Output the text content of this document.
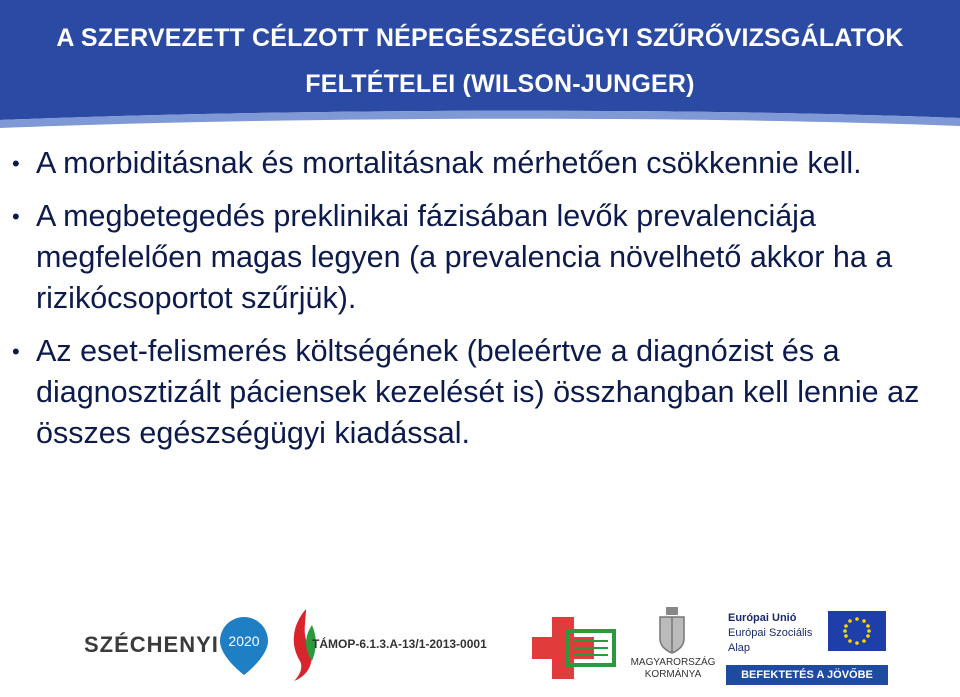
A SZERVEZETT CÉLZOTT NÉPEGÉSZSÉGÜGYI SZŰRŐVIZSGÁLATOK
FELTÉTELEI (WILSON-JUNGER)
• A morbiditásnak és mortalitásnak mérhetően csökkennie kell.
• A megbetegedés preklinikai fázisában levők prevalenciája megfelelően magas legyen (a prevalencia növelhető akkor ha a rizikócsoportot szűrjük).
• Az eset-felismerés költségének (beleértve a diagnózist és a diagnosztizált páciensek kezelését is) összhangban kell lennie az összes egészségügyi kiadással.
SZÉCHENYI 2020	TÁMOP-6.1.3.A-13/1-2013-0001
MAGYARORSZÁG
KORMÁNYA
Európai Unió
Európai Szociális
Alap
BEFEKTETÉS A JÖVŐBE
